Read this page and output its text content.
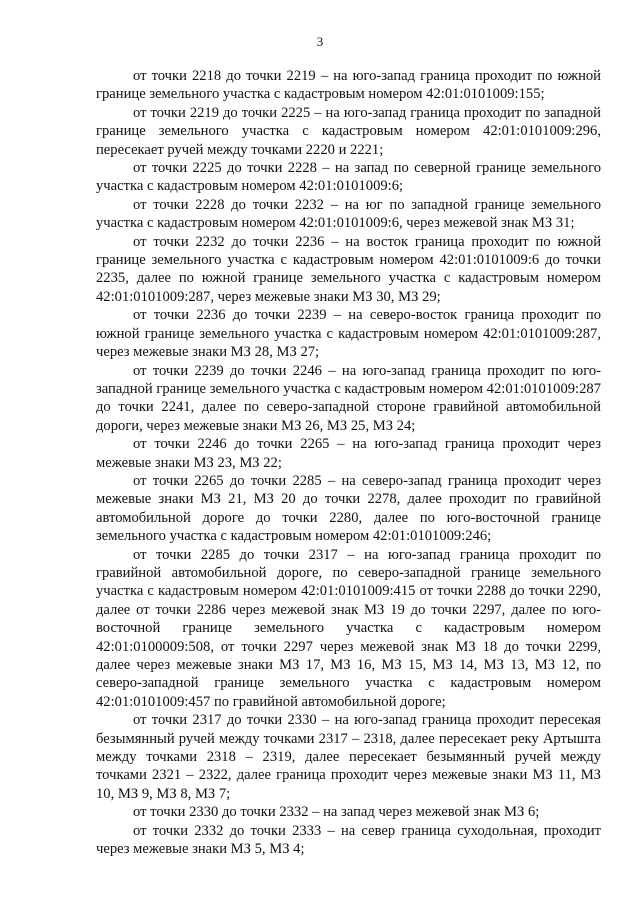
3

от точки 2218 до точки 2219 – на юго-запад граница проходит по южной границе земельного участка с кадастровым номером 42:01:0101009:155;

от точки 2219 до точки 2225 – на юго-запад граница проходит по западной границе земельного участка с кадастровым номером 42:01:0101009:296, пересекает ручей между точками 2220 и 2221;

от точки 2225 до точки 2228 – на запад по северной границе земельного участка с кадастровым номером 42:01:0101009:6;

от точки 2228 до точки 2232 – на юг по западной границе земельного участка с кадастровым номером 42:01:0101009:6, через межевой знак МЗ 31;

от точки 2232 до точки 2236 – на восток граница проходит по южной границе земельного участка с кадастровым номером 42:01:0101009:6 до точки 2235, далее по южной границе земельного участка с кадастровым номером 42:01:0101009:287, через межевые знаки МЗ 30, МЗ 29;

от точки 2236 до точки 2239 – на северо-восток граница проходит по южной границе земельного участка с кадастровым номером 42:01:0101009:287, через межевые знаки МЗ 28, МЗ 27;

от точки 2239 до точки 2246 – на юго-запад граница проходит по юго-западной границе земельного участка с кадастровым номером 42:01:0101009:287 до точки 2241, далее по северо-западной стороне гравийной автомобильной дороги, через межевые знаки МЗ 26, МЗ 25, МЗ 24;

от точки 2246 до точки 2265 – на юго-запад граница проходит через межевые знаки МЗ 23, МЗ 22;

от точки 2265 до точки 2285 – на северо-запад граница проходит через межевые знаки МЗ 21, МЗ 20 до точки 2278, далее проходит по гравийной автомобильной дороге до точки 2280, далее по юго-восточной границе земельного участка с кадастровым номером 42:01:0101009:246;

от точки 2285 до точки 2317 – на юго-запад граница проходит по гравийной автомобильной дороге, по северо-западной границе земельного участка с кадастровым номером 42:01:0101009:415 от точки 2288 до точки 2290, далее от точки 2286 через межевой знак МЗ 19 до точки 2297, далее по юго-восточной границе земельного участка с кадастровым номером 42:01:0100009:508, от точки 2297 через межевой знак МЗ 18 до точки 2299, далее через межевые знаки МЗ 17, МЗ 16, МЗ 15, МЗ 14, МЗ 13, МЗ 12, по северо-западной границе земельного участка с кадастровым номером 42:01:0101009:457 по гравийной автомобильной дороге;

от точки 2317 до точки 2330 – на юго-запад граница проходит пересекая безымянный ручей между точками 2317 – 2318, далее пересекает реку Артышта между точками 2318 – 2319, далее пересекает безымянный ручей между точками 2321 – 2322, далее граница проходит через межевые знаки МЗ 11, МЗ 10, МЗ 9, МЗ 8, МЗ 7;

от точки 2330 до точки 2332 – на запад через межевой знак МЗ 6;

от точки 2332 до точки 2333 – на север граница суходольная, проходит через межевые знаки МЗ 5, МЗ 4;
